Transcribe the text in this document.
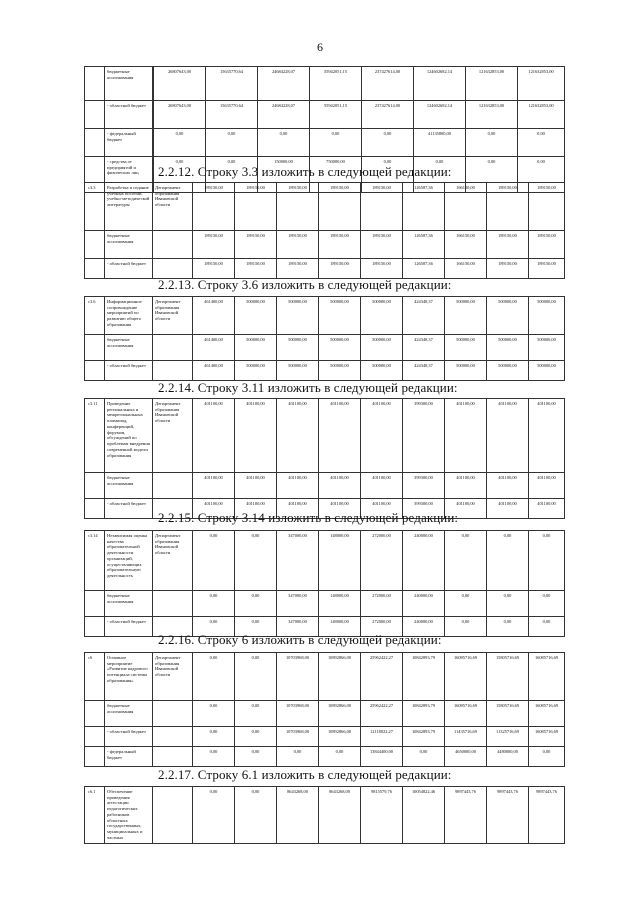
6
	бюджетные ассигнования		26807643,00	15635770,64	24684228,07	55942051,15	237427614,00	124602682,14	121632853,00	121632853,00
	- областной бюджет		26807643,00	15635770,64	24684228,07	55942051,15	237427614,00	124602682,14	121632853,00	121632853,00
	- федеральный бюджет		0,00	0,00	0,00	0,00	0,00	41135800,00	0,00	0,00
	- средства от предприятий и физических лиц		0,00	0,00	150000,00	750000,00	0,00	0,00	0,00	0,00
2.2.12. Строку 3.3 изложить в следующей редакции:
с3.3	Разработка и издание учебных пособий, учебно-методической литературы	Департамент образования Ивановской области	189150,00	189150,00	189150,00	189150,00	189150,00	126587,36	166150,00	189150,00	189150,00
	бюджетные ассигнования		189150,00	189150,00	189150,00	189150,00	189150,00	126587,36	166150,00	189150,00	189150,00
	- областной бюджет		189150,00	189150,00	189150,00	189150,00	189150,00	126587,36	166150,00	189150,00	189150,00
2.2.13. Строку 3.6 изложить в следующей редакции:
с3.6	Информационное сопровождение мероприятий по развитию общего образования	Департамент образования Ивановской области	461400,00	500000,00	500000,00	500000,00	500000,00	424348,37	500000,00	500000,00	500000,00
	бюджетные ассигнования		461400,00	500000,00	500000,00	500000,00	500000,00	424348,37	500000,00	500000,00	500000,00
	- областной бюджет		461400,00	500000,00	500000,00	500000,00	500000,00	424348,37	500000,00	500000,00	500000,00
2.2.14. Строку 3.11 изложить в следующей редакции:
с3.11	Проведение региональных и межрегиональных олимпиад, конференций, форумов, обсуждений по проблемам внедрения современной модели образования	Департамент образования Ивановской области	401100,00	401100,00	401100,00	401100,00	401100,00	399300,00	401100,00	401100,00	401100,00
	бюджетные ассигнования		401100,00	401100,00	401100,00	401100,00	401100,00	399300,00	401100,00	401100,00	401100,00
	- областной бюджет		401100,00	401100,00	401100,00	401100,00	401100,00	399300,00	401100,00	401100,00	401100,00
2.2.15. Строку 3.14 изложить в следующей редакции:
с3.14	Независимая оценка качества образовательной деятельности организаций, осуществляющих образовательную деятельность	Департамент образования Ивановской области	0,00	0,00	347000,00	148000,00	272000,00	240000,00	0,00	0,00	0,00
	бюджетные ассигнования		0,00	0,00	347000,00	148000,00	272000,00	240000,00	0,00	0,00	0,00
	- областной бюджет		0,00	0,00	347000,00	148000,00	272000,00	240000,00	0,00	0,00	0,00
2.2.16. Строку 6 изложить в следующей редакции:
с6	Основное мероприятие «Развитие кадрового потенциала системы образования»	Департамент образования Ивановской области	0,00	0,00	10703968,00	10892866,00	25962422,27	10842893,79	16085716,69	15805716,69	16085716,69
	бюджетные ассигнования		0,00	0,00	10703968,00	10892866,00	25962422,27	10842893,79	16085716,69	15805716,69	16085716,69
	- областной бюджет		0,00	0,00	10703968,00	10892866,00	12118022,27	10842893,79	11435716,69	11325716,69	16085716,69
	- федеральный бюджет		0,00	0,00	0,00	0,00	13844400,00	0,00	4650000,00	4480000,00	0,00
2.2.17. Строку 6.1 изложить в следующей редакции:
с6.1	Обеспечение проведения аттестации педагогических работников областных государственных, муниципальных и частных		0,00	0,00	8643268,00	8643268,00	9815579,76	10054822,46	9897443,76	9897443,76	9897443,76
